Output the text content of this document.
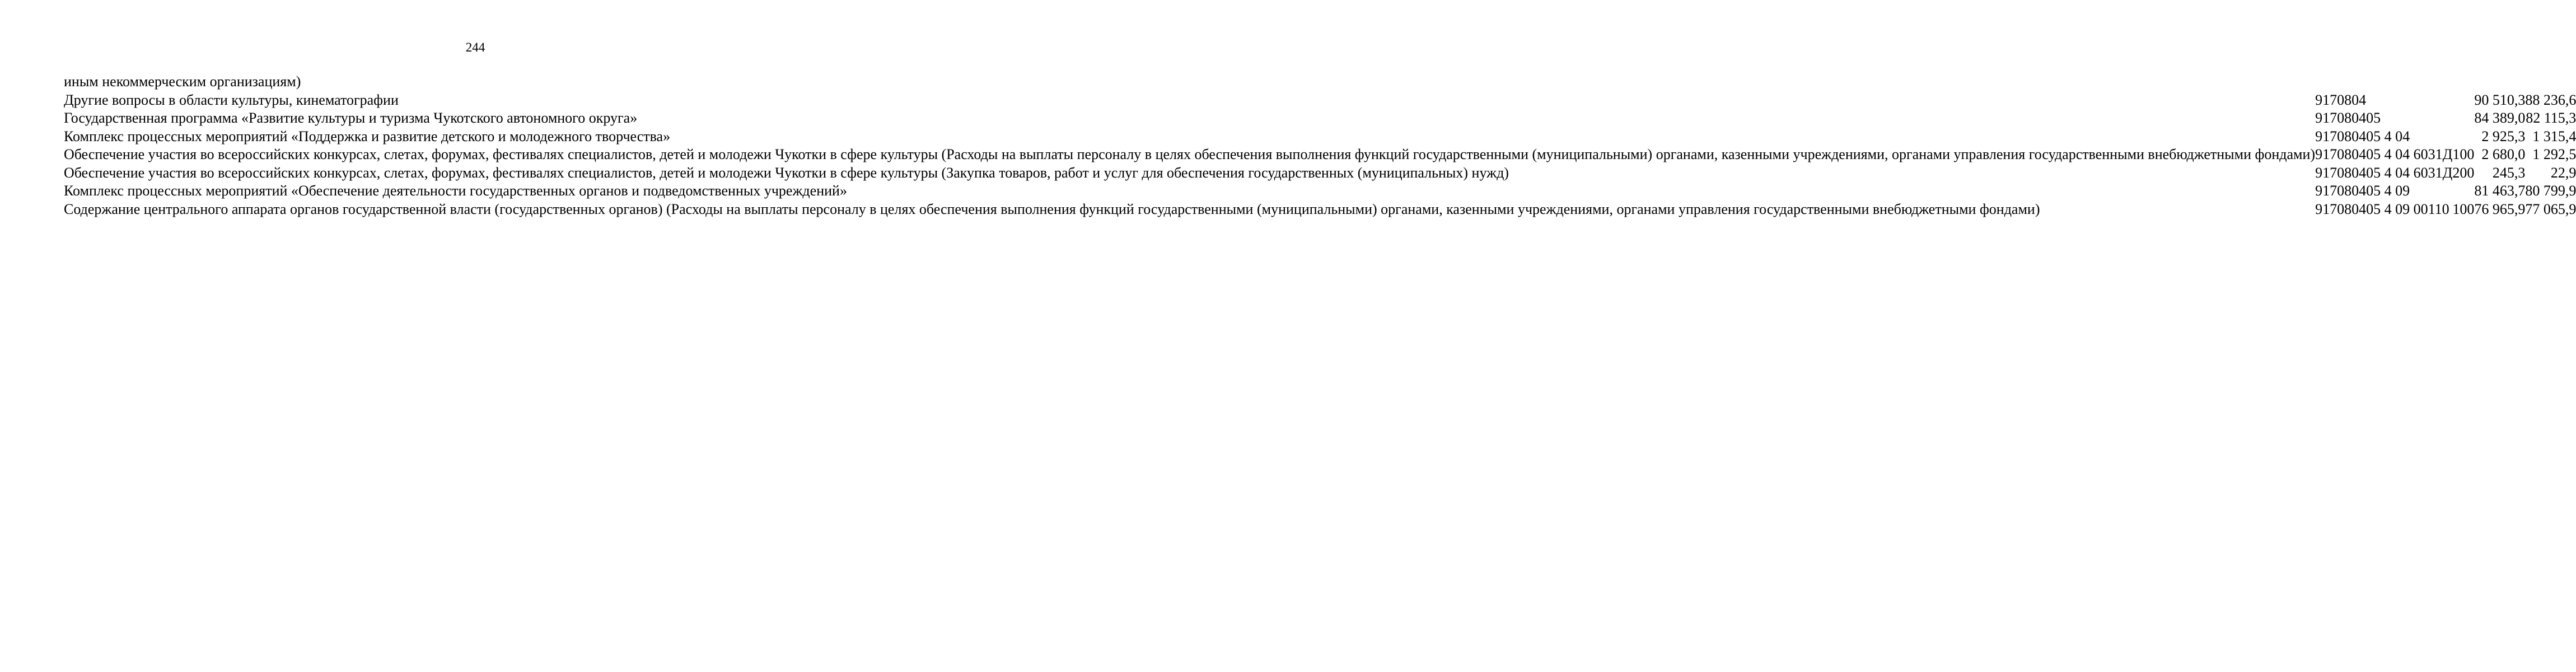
244
иным некоммерческим организациям)
Другие вопросы в области культуры, кинематографии	917	08	04			90 510,3	88 236,6
Государственная программа «Развитие культуры и туризма Чукотского автономного округа»	917	08	04	05		84 389,0	82 115,3
Комплекс процессных мероприятий «Поддержка и развитие детского и молодежного творчества»	917	08	04	05 4 04		2 925,3	1 315,4
Обеспечение участия во всероссийских конкурсах, слетах, форумах, фестивалях специалистов, детей и молодежи Чукотки в сфере культуры (Расходы на выплаты персоналу в целях обеспечения выполнения функций государственными (муниципальными) органами, казенными учреждениями, органами управления государственными внебюджетными фондами)	917	08	04	05 4 04 6031Д	100	2 680,0	1 292,5
Обеспечение участия во всероссийских конкурсах, слетах, форумах, фестивалях специалистов, детей и молодежи Чукотки в сфере культуры (Закупка товаров, работ и услуг для обеспечения государственных (муниципальных) нужд)	917	08	04	05 4 04 6031Д	200	245,3	22,9
Комплекс процессных мероприятий «Обеспечение деятельности государственных органов и подведомственных учреждений»	917	08	04	05 4 09		81 463,7	80 799,9
Содержание центрального аппарата органов государственной власти (государственных органов) (Расходы на выплаты персоналу в целях обеспечения выполнения функций государственными (муниципальными) органами, казенными учреждениями, органами управления государственными внебюджетными фондами)	917	08	04	05 4 09 00110	100	76 965,9	77 065,9
